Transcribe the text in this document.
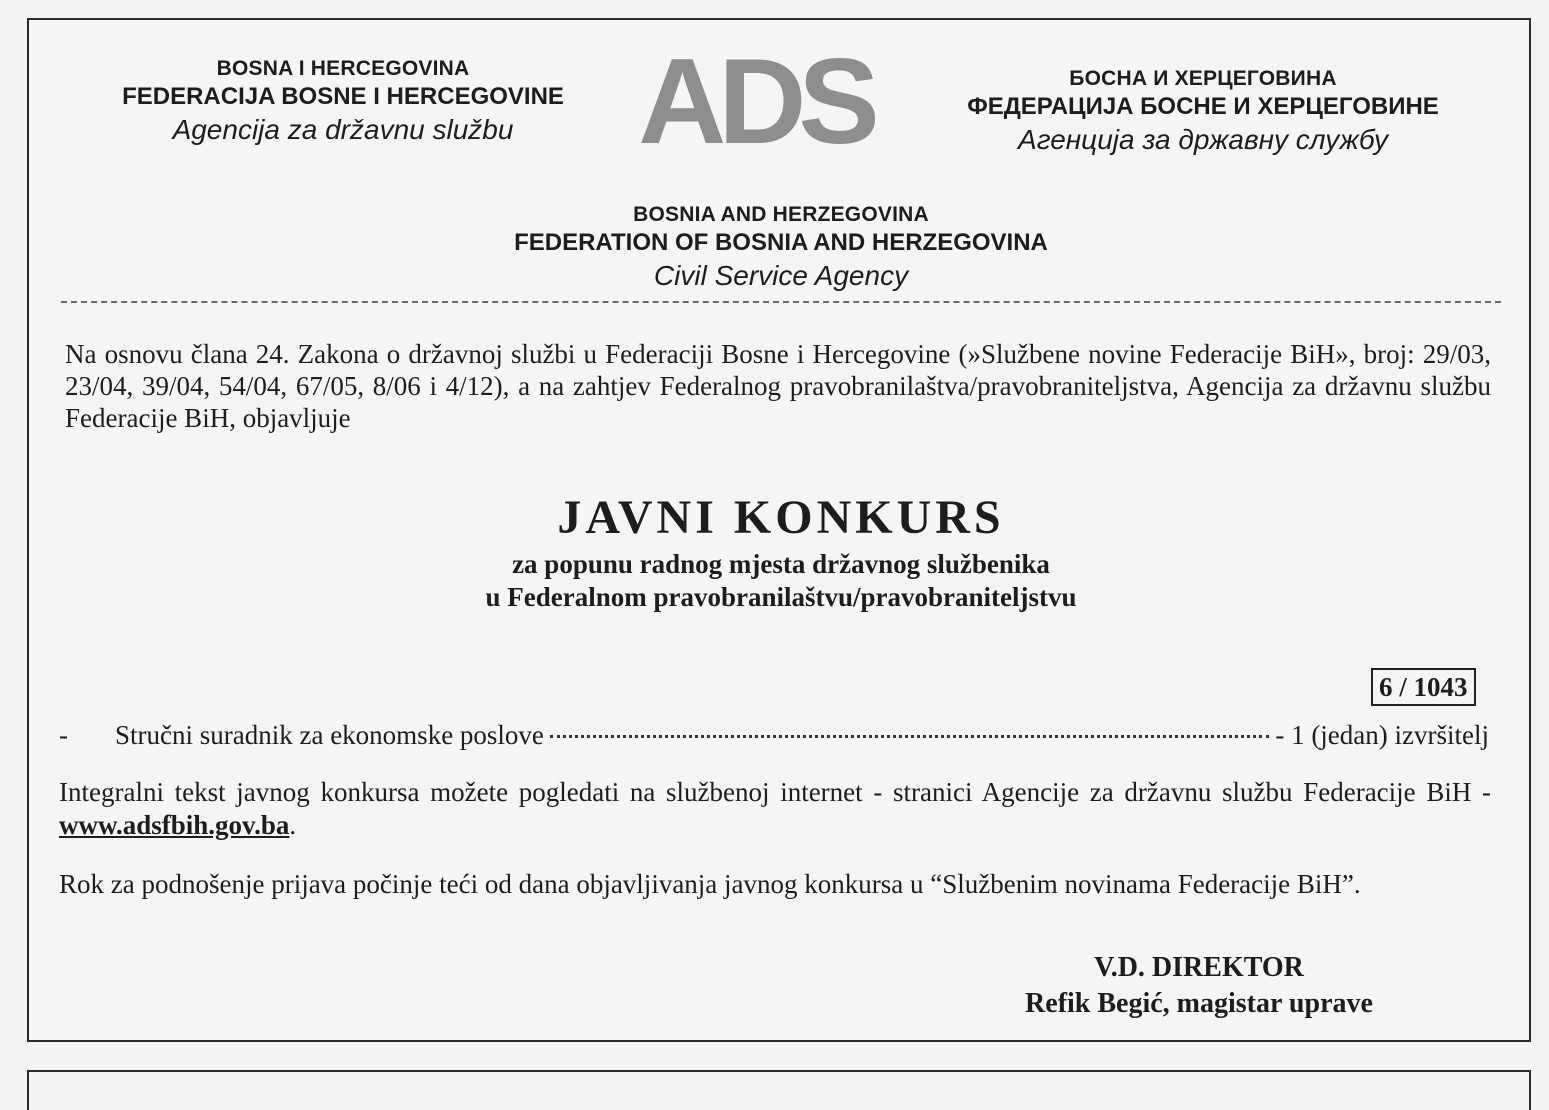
BOSNA I HERCEGOVINA
FEDERACIJA BOSNE I HERCEGOVINE
Agencija za državnu službu	ADS	БОСНА И ХЕРЦЕГОВИНА
ФЕДЕРАЦИЈА БОСНЕ И ХЕРЦЕГОВИНЕ
Агенција за државну службу
BOSNIA AND HERZEGOVINA
FEDERATION OF BOSNIA AND HERZEGOVINA
Civil Service Agency
Na osnovu člana 24. Zakona o državnoj službi u Federaciji Bosne i Hercegovine (»Službene novine Federacije BiH», broj: 29/03, 23/04, 39/04, 54/04, 67/05, 8/06 i 4/12), a na zahtjev Federalnog pravobranilaštva/pravobraniteljstva, Agencija za državnu službu Federacije BiH, objavljuje
JAVNI KONKURS
za popunu radnog mjesta državnog službenika
u Federalnom pravobranilaštvu/pravobraniteljstvu
6 / 1043
-	Stručni suradnik za ekonomske poslove	- 1 (jedan) izvršitelj
Integralni tekst javnog konkursa možete pogledati na službenoj internet - stranici Agencije za državnu službu Federacije BiH - www.adsfbih.gov.ba.
Rok za podnošenje prijava počinje teći od dana objavljivanja javnog konkursa u “Službenim novinama Federacije BiH”.
V.D. DIREKTOR
Refik Begić, magistar uprave
